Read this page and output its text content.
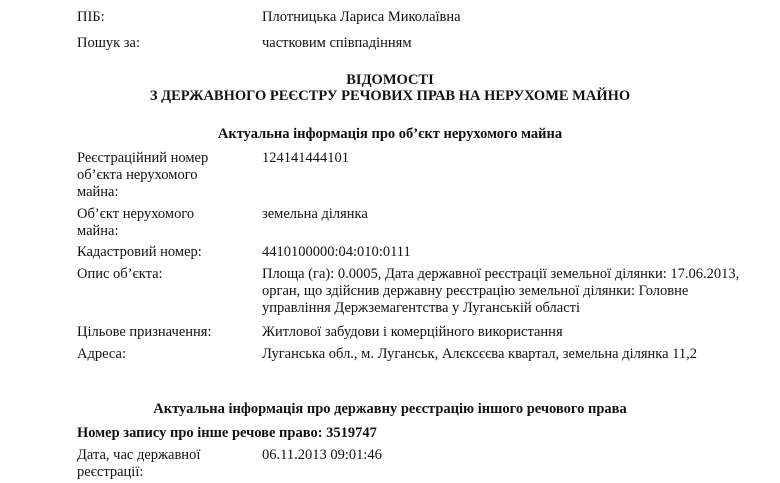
ПІБ:	Плотницька Лариса Миколаївна
Пошук за:	частковим співпадінням
ВІДОМОСТІ
З ДЕРЖАВНОГО РЕЄСТРУ РЕЧОВИХ ПРАВ НА НЕРУХОМЕ МАЙНО
Актуальна інформація про об’єкт нерухомого майна
Реєстраційний номер об’єкта нерухомого майна:
124141444101
Об’єкт нерухомого майна:
земельна ділянка
Кадастровий номер:	4410100000:04:010:0111
Опис об’єкта:	Площа (га): 0.0005, Дата державної реєстрації земельної ділянки: 17.06.2013, орган, що здійснив державну реєстрацію земельної ділянки: Головне управління Держземагентства у Луганській області
Цільове призначення:	Житлової забудови і комерційного використання
Адреса:	Луганська обл., м. Луганськ, Алєксєєва квартал, земельна ділянка 11,2
Актуальна інформація про державну реєстрацію іншого речового права
Номер запису про інше речове право: 3519747
Дата, час державної реєстрації:
06.11.2013 09:01:46
